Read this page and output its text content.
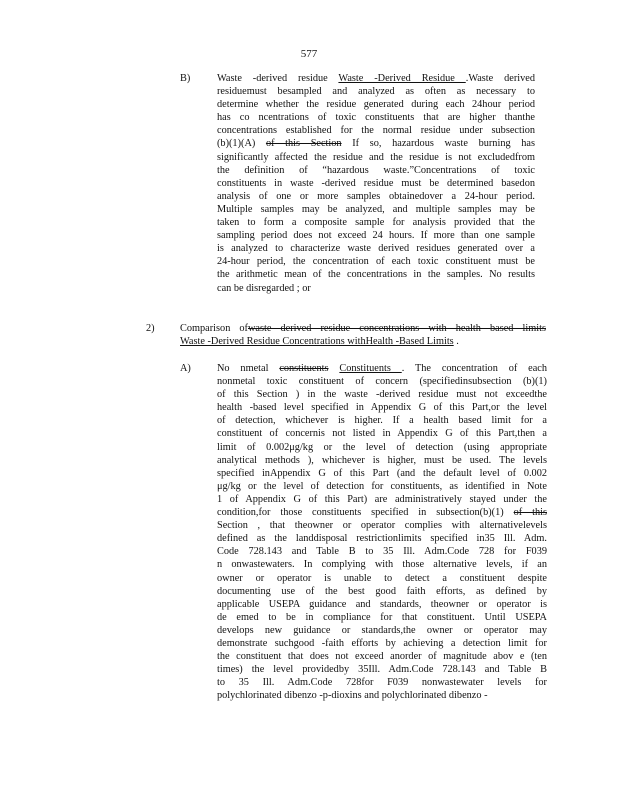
577
B)	Waste -derived residue Waste -Derived Residue .Waste derived
residuemust besampled and analyzed as often as necessary to
determine whether the residue generated during each 24hour period
has co ncentrations of toxic constituents that are higher thanthe
concentrations established for the normal residue under subsection
(b)(1)(A) of this Section If so, hazardous waste burning has
significantly affected the residue and the residue is not excludedfrom
the definition of “hazardous waste.”Concentrations of toxic
constituents in waste -derived residue must be determined basedon
analysis of one or more samples obtainedover a 24-hour period.
Multiple samples may be analyzed, and multiple samples may be
taken to form a composite sample for analysis provided that the
sampling period does not exceed 24 hours. If more than one sample
is analyzed to characterize waste derived residues generated over a
24-hour period, the concentration of each toxic constituent must be
the arithmetic mean of the concentrations in the samples. No results
can be disregarded ; or
2) Comparison ofwaste derived residue concentrations with health based limits
Waste -Derived Residue Concentrations withHealth -Based Limits .
A)	No nmetal constituents Constituents . The concentration of each
nonmetal toxic constituent of concern (specifiedinsubsection (b)(1)
of this Section ) in the waste -derived residue must not exceedthe
health -based level specified in Appendix G of this Part,or the level
of detection, whichever is higher. If a health based limit for a
constituent of concernis not listed in Appendix G of this Part,then a
limit of 0.002μg/kg or the level of detection (using appropriate
analytical methods ), whichever is higher, must be used. The levels
specified inAppendix G of this Part (and the default level of 0.002
μg/kg or the level of detection for constituents, as identified in Note
1 of Appendix G of this Part) are administratively stayed under the
condition,for those constituents specified in subsection(b)(1) of this
Section , that theowner or operator complies with alternativelevels
defined as the landdisposal restrictionlimits specified in35 Ill. Adm.
Code 728.143 and Table B to 35 Ill. Adm.Code 728 for F039
n onwastewaters. In complying with those alternative levels, if an
owner or operator is unable to detect a constituent despite
documenting use of the best good faith efforts, as defined by
applicable USEPA guidance and standards, theowner or operator is
de emed to be in compliance for that constituent. Until USEPA
develops new guidance or standards,the owner or operator may
demonstrate suchgood -faith efforts by achieving a detection limit for
the constituent that does not exceed anorder of magnitude abov e (ten
times) the level providedby 35Ill. Adm.Code 728.143 and Table B
to 35 Ill. Adm.Code 728for F039 nonwastewater levels for
polychlorinated dibenzo -p-dioxins and polychlorinated dibenzo -
